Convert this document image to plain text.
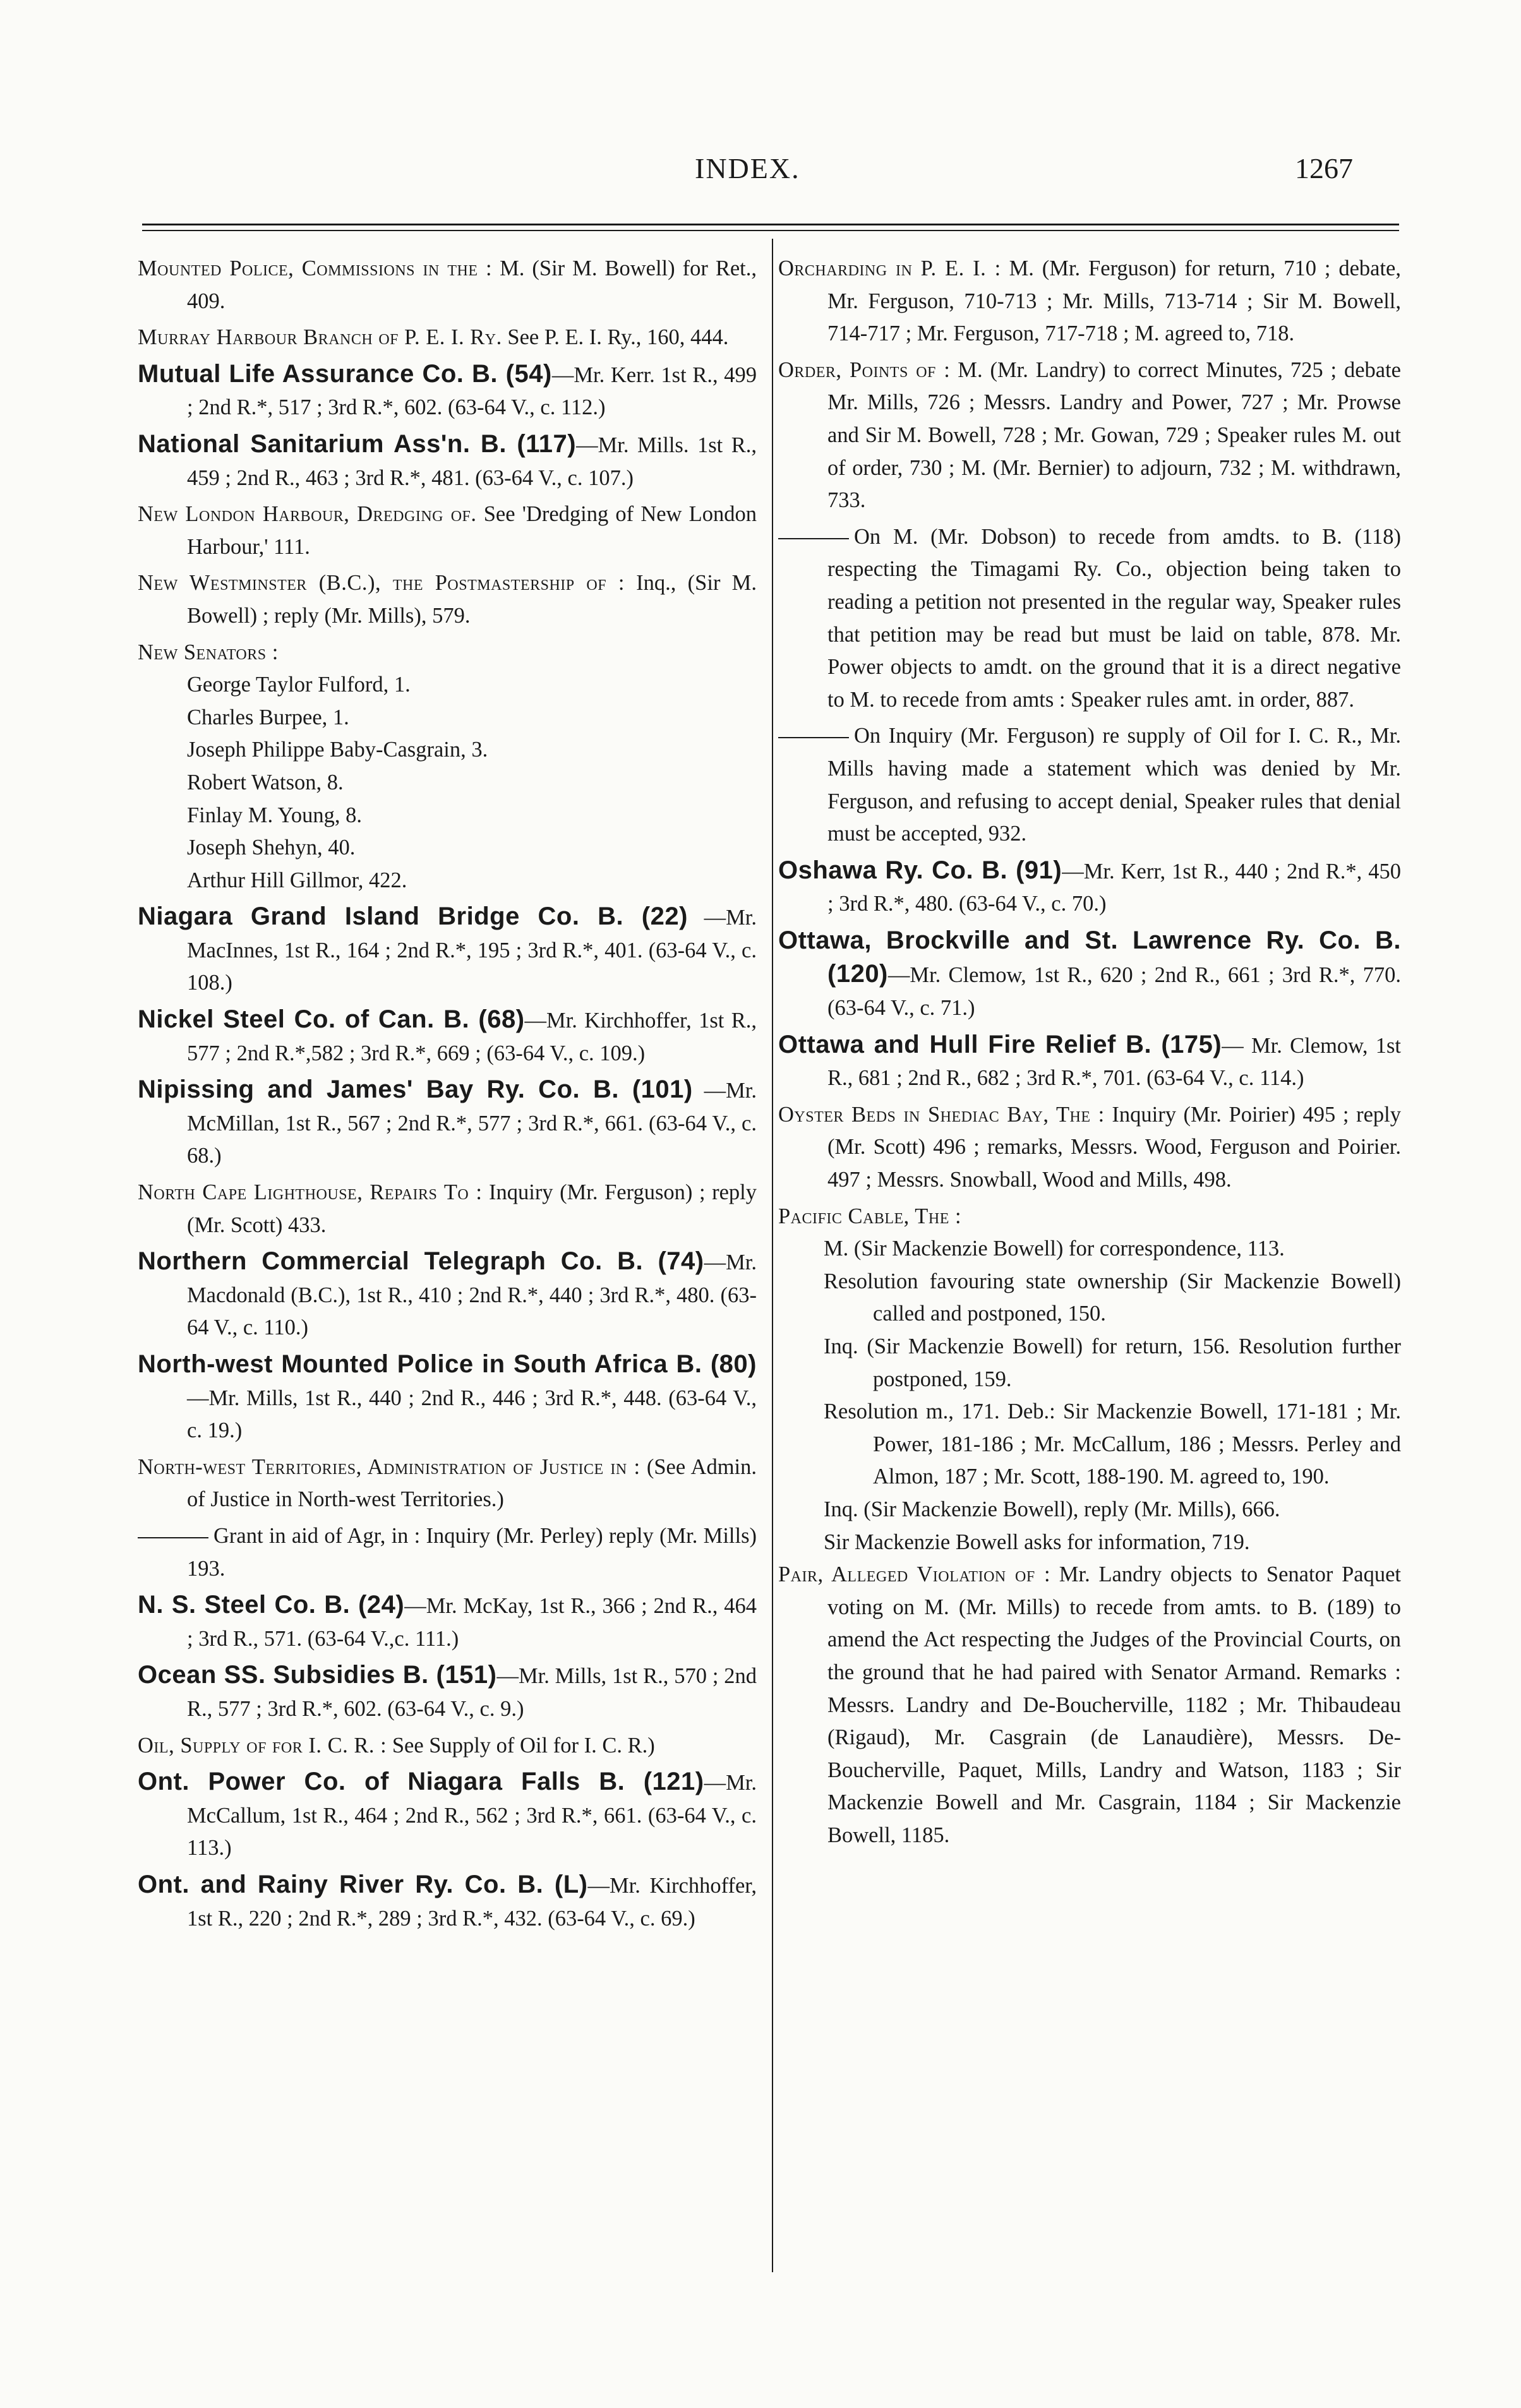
INDEX.	1267

Mounted Police, Commissions in the : M. (Sir M. Bowell) for Ret., 409.

Murray Harbour Branch of P. E. I. Ry. See P. E. I. Ry., 160, 444.

Mutual Life Assurance Co. B. (54)—Mr. Kerr. 1st R., 499 ; 2nd R.*, 517 ; 3rd R.*, 602. (63-64 V., c. 112.)

National Sanitarium Ass'n. B. (117)—Mr. Mills. 1st R., 459 ; 2nd R., 463 ; 3rd R.*, 481. (63-64 V., c. 107.)

New London Harbour, Dredging of. See 'Dredging of New London Harbour,' 111.

New Westminster (B.C.), the Postmastership of : Inq., (Sir M. Bowell) ; reply (Mr. Mills), 579.

New Senators :

George Taylor Fulford, 1.
Charles Burpee, 1.
Joseph Philippe Baby-Casgrain, 3.
Robert Watson, 8.
Finlay M. Young, 8.
Joseph Shehyn, 40.
Arthur Hill Gillmor, 422.

Niagara Grand Island Bridge Co. B. (22) —Mr. MacInnes, 1st R., 164 ; 2nd R.*, 195 ; 3rd R.*, 401. (63-64 V., c. 108.)

Nickel Steel Co. of Can. B. (68)—Mr. Kirchhoffer, 1st R., 577 ; 2nd R.*,582 ; 3rd R.*, 669 ; (63-64 V., c. 109.)

Nipissing and James' Bay Ry. Co. B. (101) —Mr. McMillan, 1st R., 567 ; 2nd R.*, 577 ; 3rd R.*, 661. (63-64 V., c. 68.)

North Cape Lighthouse, Repairs To : Inquiry (Mr. Ferguson) ; reply (Mr. Scott) 433.

Northern Commercial Telegraph Co. B. (74)—Mr. Macdonald (B.C.), 1st R., 410 ; 2nd R.*, 440 ; 3rd R.*, 480. (63-64 V., c. 110.)

North-west Mounted Police in South Africa B. (80)—Mr. Mills, 1st R., 440 ; 2nd R., 446 ; 3rd R.*, 448. (63-64 V., c. 19.)

North-west Territories, Administration of Justice in : (See Admin. of Justice in North-west Territories.)

Grant in aid of Agr, in : Inquiry (Mr. Perley) reply (Mr. Mills) 193.

N. S. Steel Co. B. (24)—Mr. McKay, 1st R., 366 ; 2nd R., 464 ; 3rd R., 571. (63-64 V.,c. 111.)

Ocean SS. Subsidies B. (151)—Mr. Mills, 1st R., 570 ; 2nd R., 577 ; 3rd R.*, 602. (63-64 V., c. 9.)

Oil, Supply of for I. C. R. : See Supply of Oil for I. C. R.)

Ont. Power Co. of Niagara Falls B. (121)—Mr. McCallum, 1st R., 464 ; 2nd R., 562 ; 3rd R.*, 661. (63-64 V., c. 113.)

Ont. and Rainy River Ry. Co. B. (L)—Mr. Kirchhoffer, 1st R., 220 ; 2nd R.*, 289 ; 3rd R.*, 432. (63-64 V., c. 69.)

Orcharding in P. E. I. : M. (Mr. Ferguson) for return, 710 ; debate, Mr. Ferguson, 710-713 ; Mr. Mills, 713-714 ; Sir M. Bowell, 714-717 ; Mr. Ferguson, 717-718 ; M. agreed to, 718.

Order, Points of : M. (Mr. Landry) to correct Minutes, 725 ; debate Mr. Mills, 726 ; Messrs. Landry and Power, 727 ; Mr. Prowse and Sir M. Bowell, 728 ; Mr. Gowan, 729 ; Speaker rules M. out of order, 730 ; M. (Mr. Bernier) to adjourn, 732 ; M. withdrawn, 733.

On M. (Mr. Dobson) to recede from amdts. to B. (118) respecting the Timagami Ry. Co., objection being taken to reading a petition not presented in the regular way, Speaker rules that petition may be read but must be laid on table, 878. Mr. Power objects to amdt. on the ground that it is a direct negative to M. to recede from amts : Speaker rules amt. in order, 887.

On Inquiry (Mr. Ferguson) re supply of Oil for I. C. R., Mr. Mills having made a statement which was denied by Mr. Ferguson, and refusing to accept denial, Speaker rules that denial must be accepted, 932.

Oshawa Ry. Co. B. (91)—Mr. Kerr, 1st R., 440 ; 2nd R.*, 450 ; 3rd R.*, 480. (63-64 V., c. 70.)

Ottawa, Brockville and St. Lawrence Ry. Co. B. (120)—Mr. Clemow, 1st R., 620 ; 2nd R., 661 ; 3rd R.*, 770. (63-64 V., c. 71.)

Ottawa and Hull Fire Relief B. (175)— Mr. Clemow, 1st R., 681 ; 2nd R., 682 ; 3rd R.*, 701. (63-64 V., c. 114.)

Oyster Beds in Shediac Bay, The : Inquiry (Mr. Poirier) 495 ; reply (Mr. Scott) 496 ; remarks, Messrs. Wood, Ferguson and Poirier. 497 ; Messrs. Snowball, Wood and Mills, 498.

Pacific Cable, The :

M. (Sir Mackenzie Bowell) for correspondence, 113.

Resolution favouring state ownership (Sir Mackenzie Bowell) called and postponed, 150.

Inq. (Sir Mackenzie Bowell) for return, 156. Resolution further postponed, 159.

Resolution m., 171. Deb.: Sir Mackenzie Bowell, 171-181 ; Mr. Power, 181-186 ; Mr. McCallum, 186 ; Messrs. Perley and Almon, 187 ; Mr. Scott, 188-190. M. agreed to, 190.

Inq. (Sir Mackenzie Bowell), reply (Mr. Mills), 666.

Sir Mackenzie Bowell asks for information, 719.

Pair, Alleged Violation of : Mr. Landry objects to Senator Paquet voting on M. (Mr. Mills) to recede from amts. to B. (189) to amend the Act respecting the Judges of the Provincial Courts, on the ground that he had paired with Senator Armand. Remarks : Messrs. Landry and De-Boucherville, 1182 ; Mr. Thibaudeau (Rigaud), Mr. Casgrain (de Lanaudière), Messrs. De-Boucherville, Paquet, Mills, Landry and Watson, 1183 ; Sir Mackenzie Bowell and Mr. Casgrain, 1184 ; Sir Mackenzie Bowell, 1185.
